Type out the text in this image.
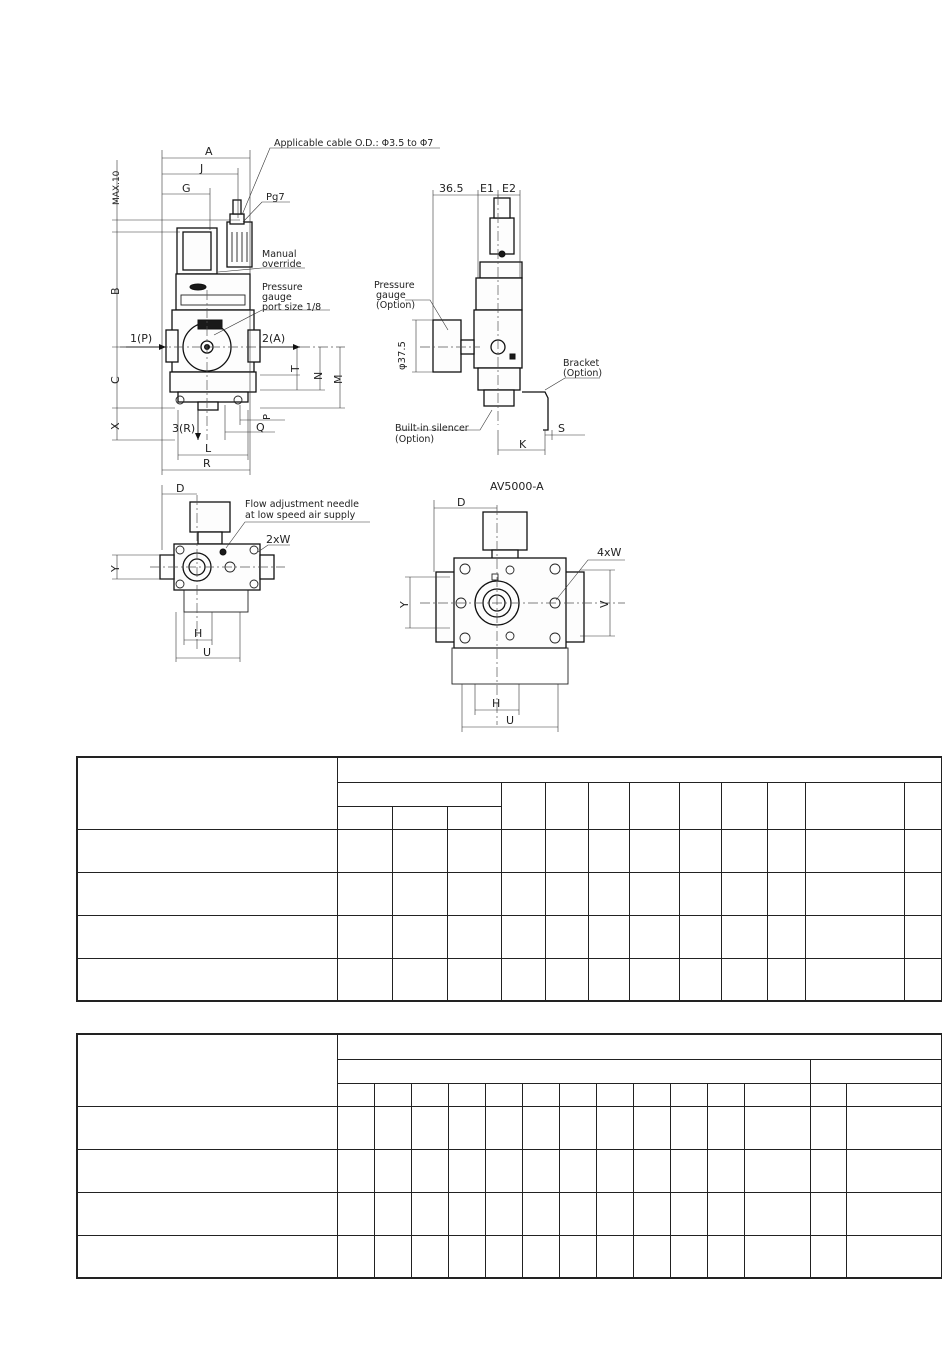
A
J
G
MAX.10
B
C
X
1(P)	2(A)
3(R)
T
N M
P
Q
L
R
Applicable cable O.D.: Φ3.5 to Φ7
Pg7
Manual
override
Pressure
gauge
port size 1/8
36.5 E1 E2
φ37.5
Pressure
gauge
(Option)
Bracket
(Option)
Built-in silencer
(Option)	K
S
D
Y
H
U
Flow adjustment needle
at low speed air supply
2xW
AV5000-A
D
Y	V
H
U
4xW
